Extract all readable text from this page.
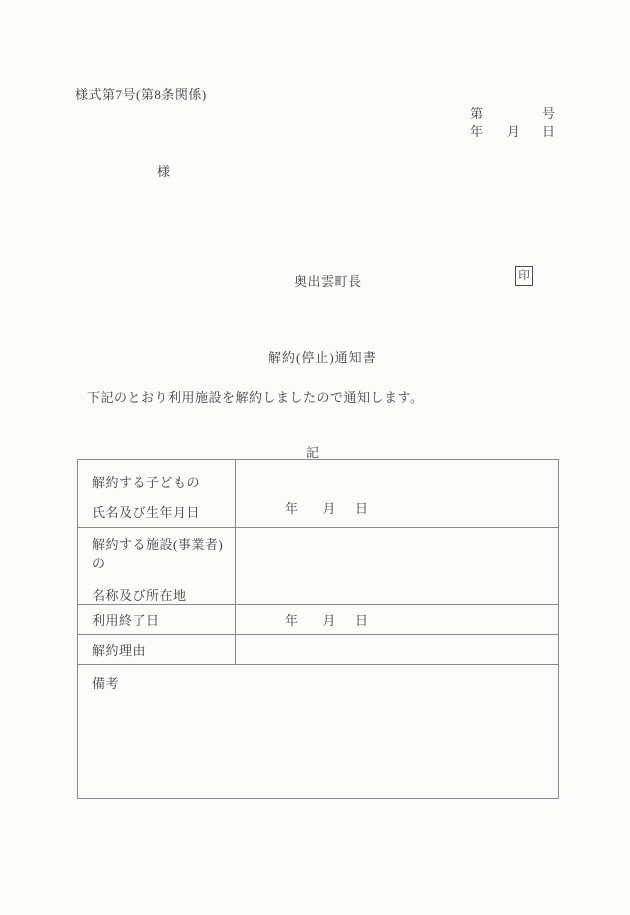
様式第7号(第8条関係)
第	号
年 月 日
様
奥出雲町長	印
解約(停止)通知書
下記のとおり利用施設を解約しましたので通知します。
記
解約する子どもの
氏名及び生年月日	年 月 日

解約する施設(事業者)の
名称及び所在地	

利用終了日	年 月 日
解約理由	
備考	
